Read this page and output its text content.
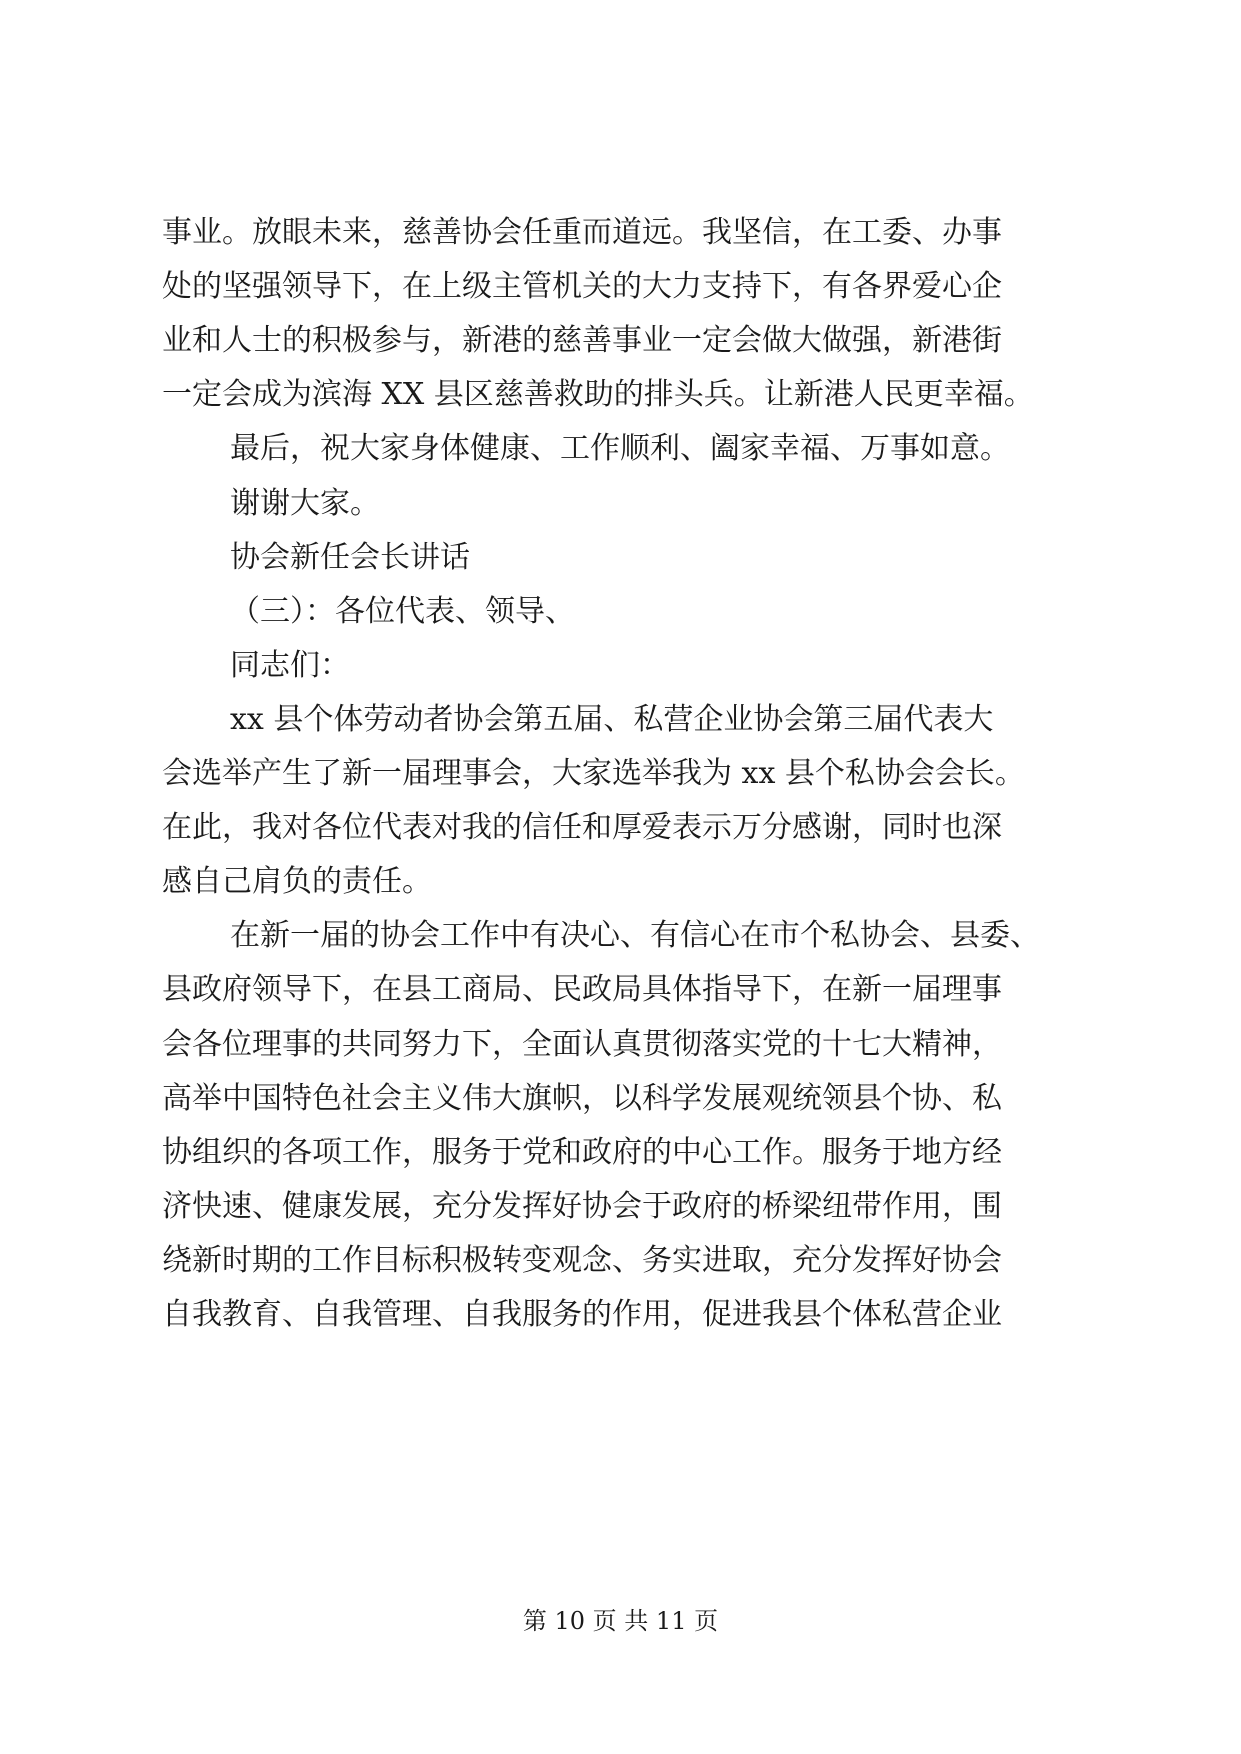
事业。放眼未来，慈善协会任重而道远。我坚信，在工委、办事
处的坚强领导下，在上级主管机关的大力支持下，有各界爱心企
业和人士的积极参与，新港的慈善事业一定会做大做强，新港街
一定会成为滨海 XX 县区慈善救助的排头兵。让新港人民更幸福。
最后，祝大家身体健康、工作顺利、阖家幸福、万事如意。
谢谢大家。
协会新任会长讲话
（三）：各位代表、领导、
同志们：
xx 县个体劳动者协会第五届、私营企业协会第三届代表大
会选举产生了新一届理事会，大家选举我为 xx 县个私协会会长。
在此，我对各位代表对我的信任和厚爱表示万分感谢，同时也深
感自己肩负的责任。
在新一届的协会工作中有决心、有信心在市个私协会、县委、
县政府领导下，在县工商局、民政局具体指导下，在新一届理事
会各位理事的共同努力下，全面认真贯彻落实党的十七大精神，
高举中国特色社会主义伟大旗帜，以科学发展观统领县个协、私
协组织的各项工作，服务于党和政府的中心工作。服务于地方经
济快速、健康发展，充分发挥好协会于政府的桥梁纽带作用，围
绕新时期的工作目标积极转变观念、务实进取，充分发挥好协会
自我教育、自我管理、自我服务的作用，促进我县个体私营企业
第 10 页 共 11 页
